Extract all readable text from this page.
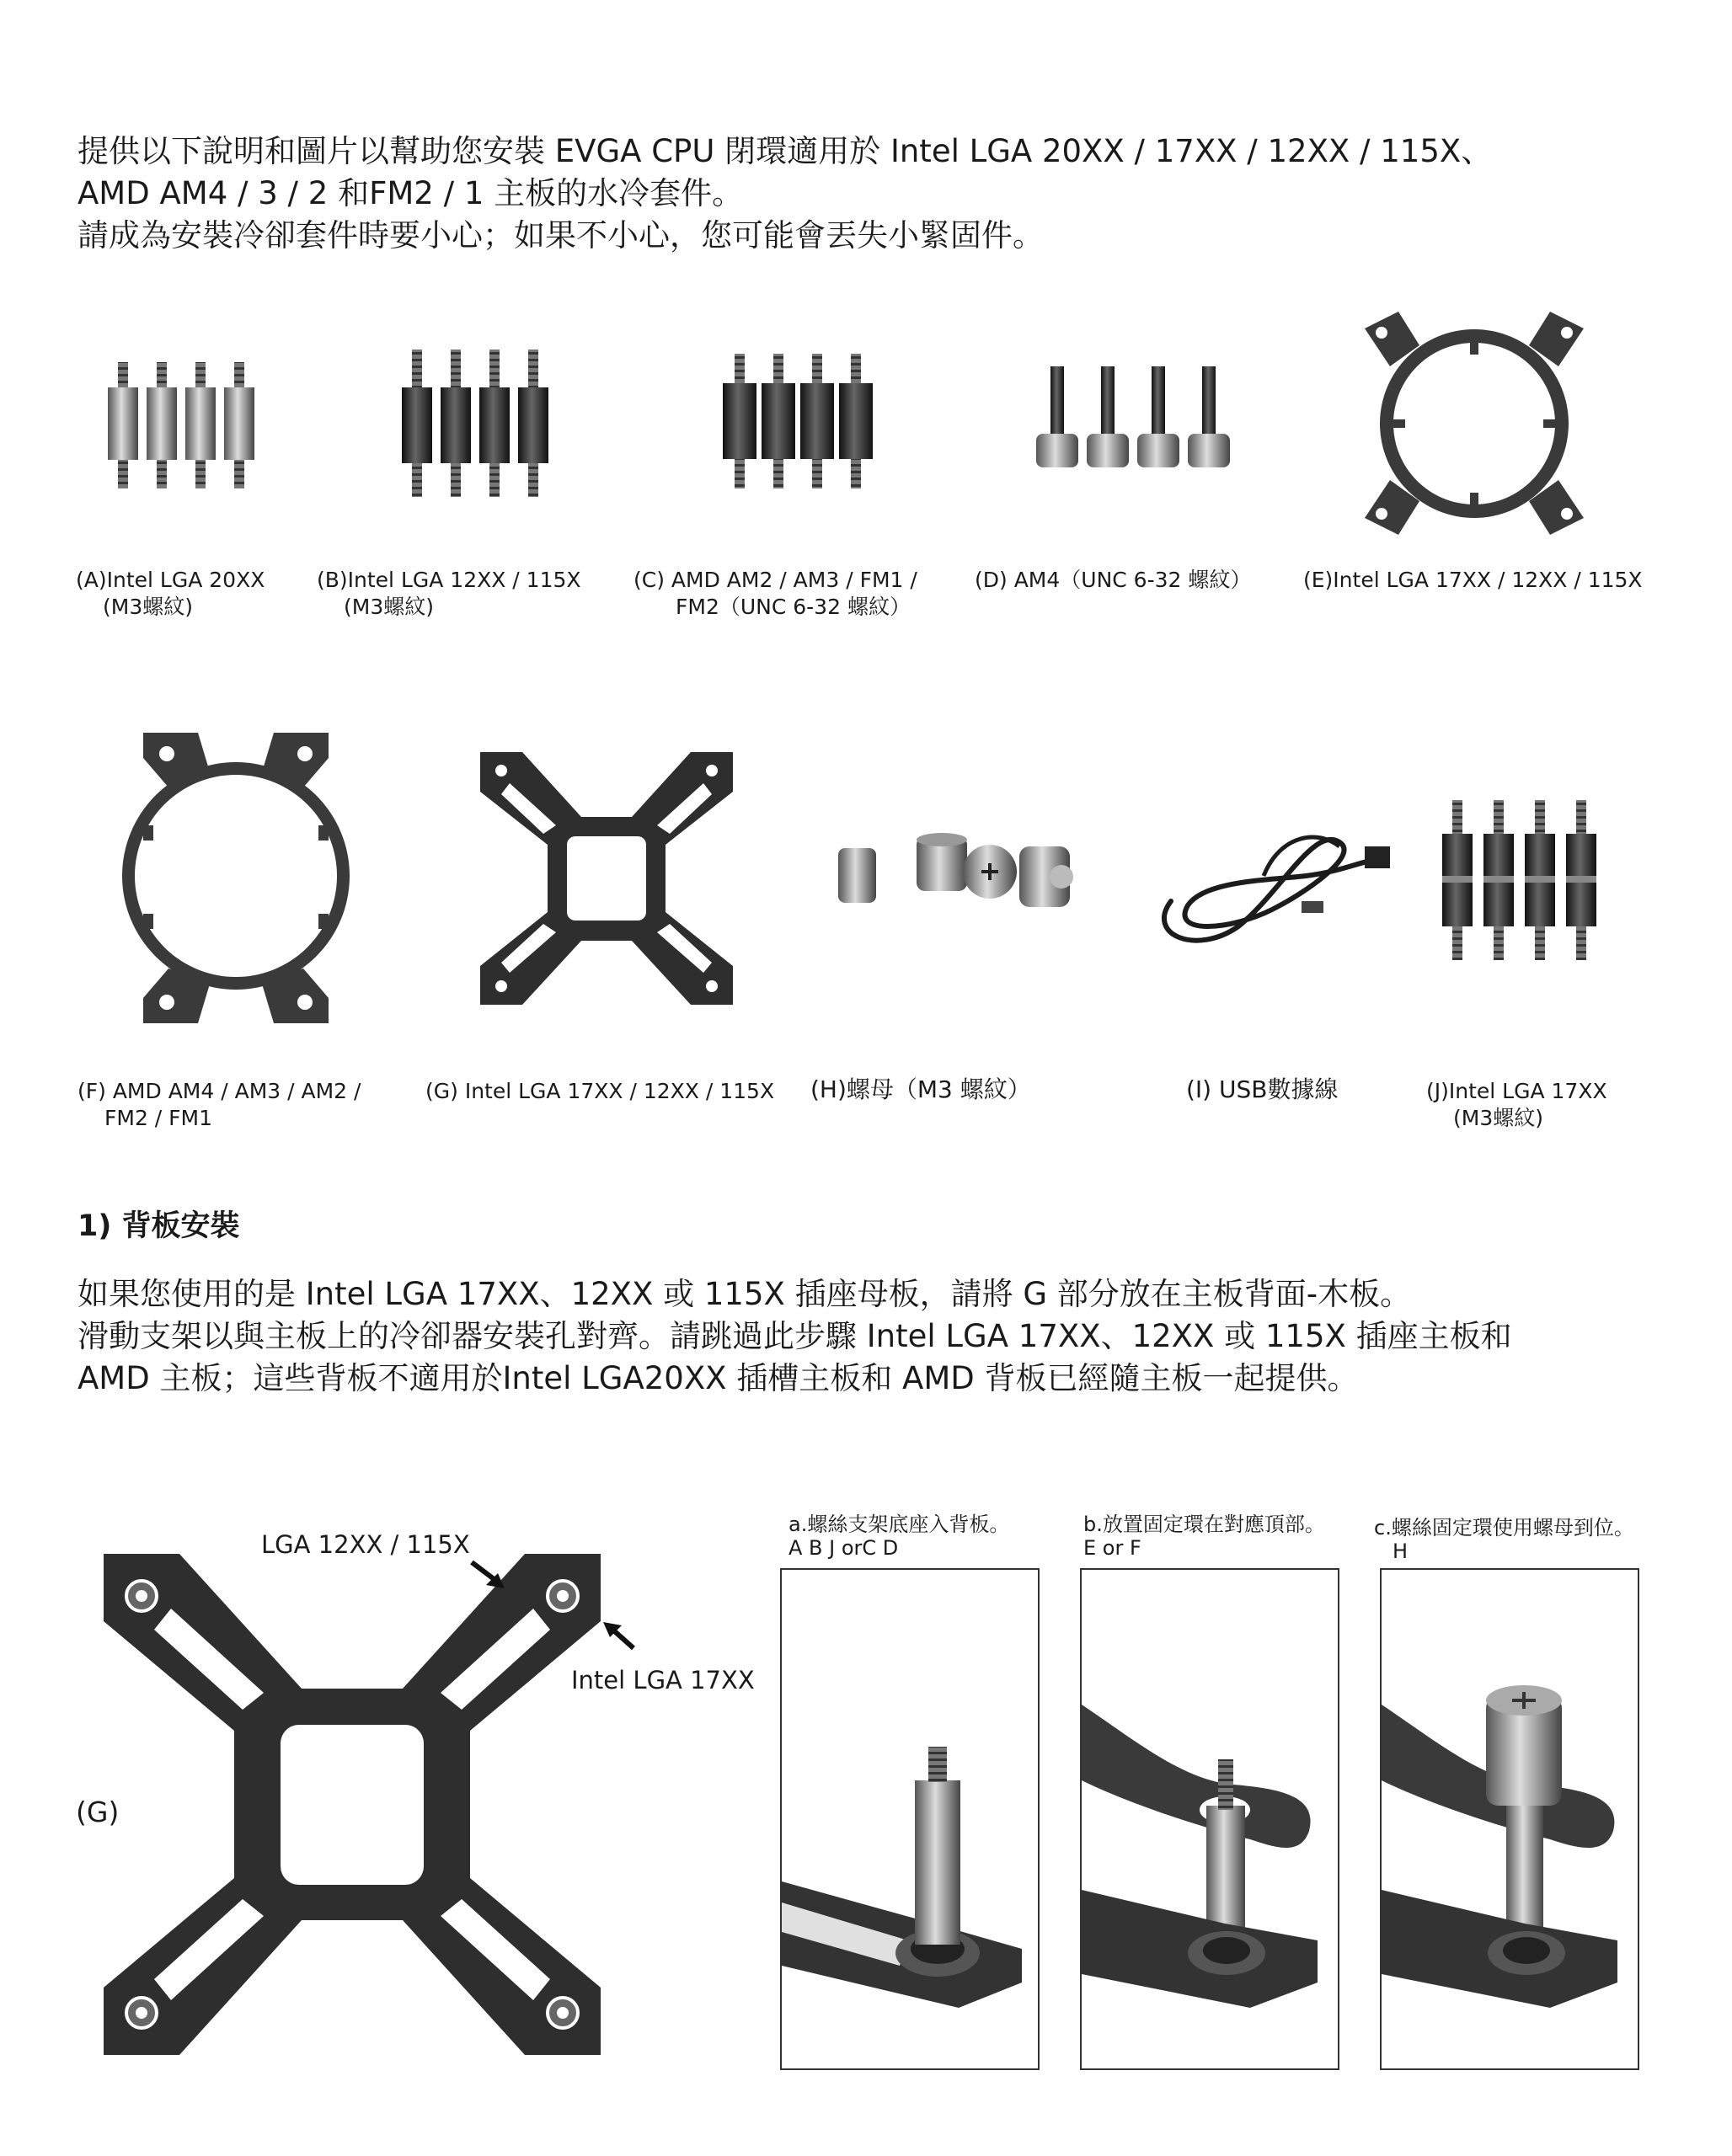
提供以下說明和圖片以幫助您安裝 EVGA CPU 閉環適用於 Intel LGA 20XX / 17XX / 12XX / 115X、
AMD AM4 / 3 / 2 和FM2 / 1 主板的水冷套件。
請成為安裝冷卻套件時要小心；如果不小心，您可能會丟失小緊固件。
(A)Intel LGA 20XX
(M3螺紋)
(B)Intel LGA 12XX / 115X
(M3螺紋)
(C) AMD AM2 / AM3 / FM1 /
FM2（UNC 6-32 螺紋）
(D) AM4（UNC 6-32 螺紋） (E)Intel LGA 17XX / 12XX / 115X
(F) AMD AM4 / AM3 / AM2 /
FM2 / FM1
(G) Intel LGA 17XX / 12XX / 115X (H)螺母（M3 螺紋）	(I) USB數據線	(J)Intel LGA 17XX
(M3螺紋)
1) 背板安裝
如果您使用的是 Intel LGA 17XX、12XX 或 115X 插座母板，請將 G 部分放在主板背面-木板。
滑動支架以與主板上的冷卻器安裝孔對齊。請跳過此步驟 Intel LGA 17XX、12XX 或 115X 插座主板和
AMD 主板；這些背板不適用於Intel LGA20XX 插槽主板和 AMD 背板已經隨主板一起提供。
LGA 12XX / 115X
Intel LGA 17XX
(G)
a.螺絲支架底座入背板。
A B J orC D
b.放置固定環在對應頂部。
E or F
c.螺絲固定環使用螺母到位。
H
